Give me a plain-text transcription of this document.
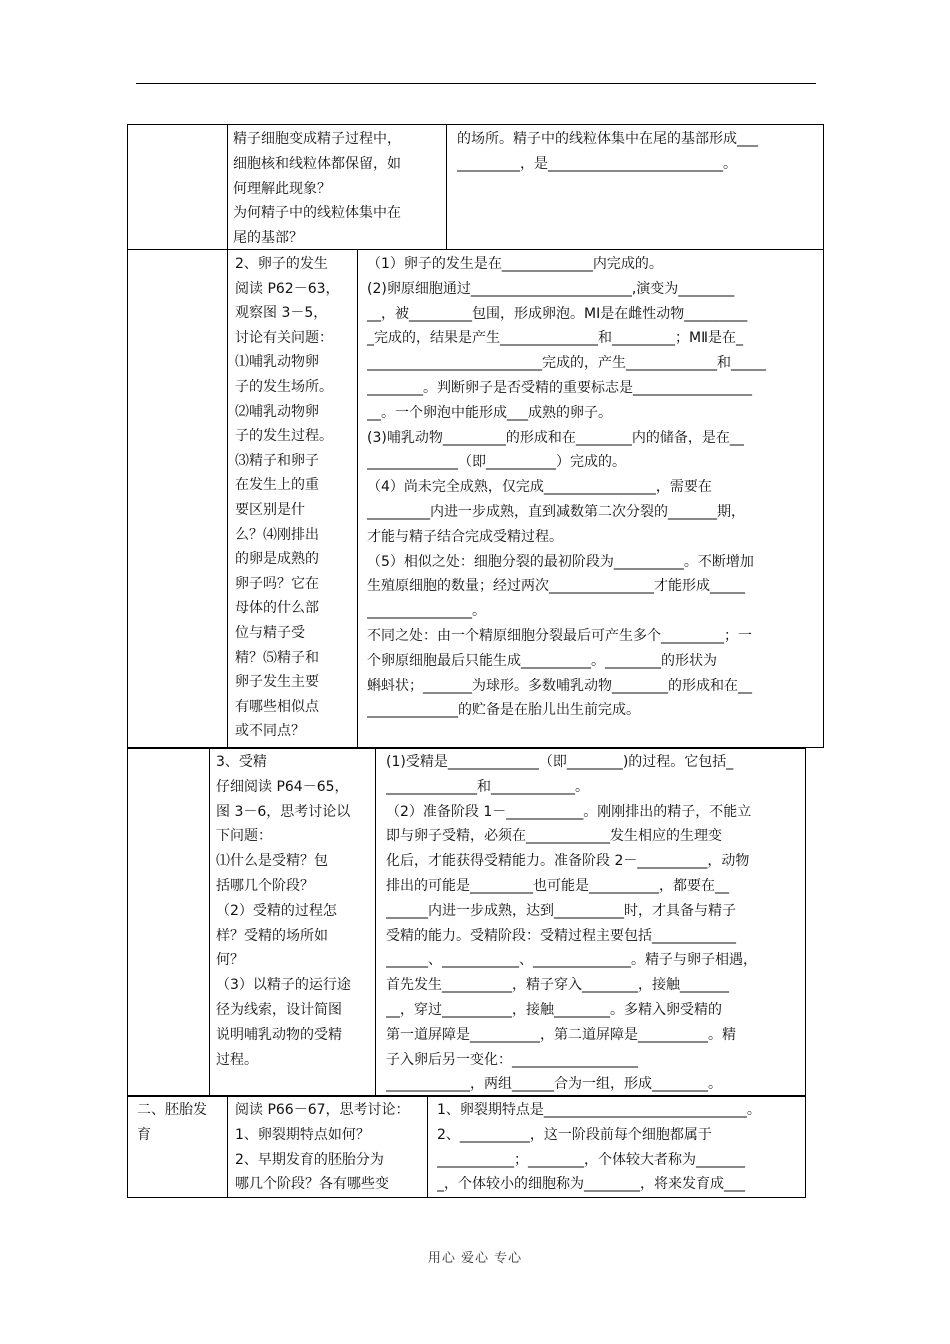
精子细胞变成精子过程中，
细胞核和线粒体都保留，如
何理解此现象？
为何精子中的线粒体集中在
尾的基部？
的场所。精子中的线粒体集中在尾的基部形成___
_________，是_________________________。
2、卵子的发生
阅读 P62－63，
观察图 3－5，
讨论有关问题：
⑴哺乳动物卵
子的发生场所。
⑵哺乳动物卵
子的发生过程。
⑶精子和卵子
在发生上的重
要区别是什
么？⑷刚排出
的卵是成熟的
卵子吗？它在
母体的什么部
位与精子受
精？⑸精子和
卵子发生主要
有哪些相似点
或不同点？
（1）卵子的发生是在_____________内完成的。
(2)卵原细胞通过_______________________,演变为________
__，被_________包围，形成卵泡。MⅠ是在雌性动物_________
_完成的，结果是产生______________和_________；MⅡ是在_
_________________________完成的，产生_____________和_____
________。判断卵子是否受精的重要标志是_________________
__。一个卵泡中能形成___成熟的卵子。
(3)哺乳动物_________的形成和在________内的储备，是在__
_____________（即__________）完成的。
（4）尚未完全成熟，仅完成________________，需要在
_________内进一步成熟，直到减数第二次分裂的_______期，
才能与精子结合完成受精过程。
（5）相似之处：细胞分裂的最初阶段为__________。不断增加
生殖原细胞的数量；经过两次_______________才能形成_____
_______________。
不同之处：由一个精原细胞分裂最后可产生多个_________；一
个卵原细胞最后只能生成__________。________的形状为
蝌蚪状；_______为球形。多数哺乳动物________的形成和在__
_____________的贮备是在胎儿出生前完成。
3、受精
仔细阅读 P64－65，
图 3－6，思考讨论以
下问题：
⑴什么是受精？包
括哪几个阶段？
（2）受精的过程怎
样？受精的场所如
何？
（3）以精子的运行途
径为线索，设计简图
说明哺乳动物的受精
过程。
(1)受精是_____________（即________)的过程。它包括_
_____________和____________。
（2）准备阶段 1－___________。刚刚排出的精子，不能立
即与卵子受精，必须在____________发生相应的生理变
化后，才能获得受精能力。准备阶段 2－__________，动物
排出的可能是_________也可能是__________，都要在__
______内进一步成熟，达到__________时，才具备与精子
受精的能力。受精阶段：受精过程主要包括____________
______、___________、______________。精子与卵子相遇，
首先发生__________，精子穿入________，接触_______
__，穿过__________，接触________。多精入卵受精的
第一道屏障是__________，第二道屏障是__________。精
子入卵后另一变化：__________________
____________，两组______合为一组，形成________。
二、胚胎发
育
阅读 P66－67，思考讨论：
1、卵裂期特点如何？
2、早期发育的胚胎分为
哪几个阶段？各有哪些变
1、卵裂期特点是_____________________________。
2、__________，这一阶段前每个细胞都属于
___________；________，个体较大者称为_______
_，个体较小的细胞称为________，将来发育成___
用心 爱心 专心
